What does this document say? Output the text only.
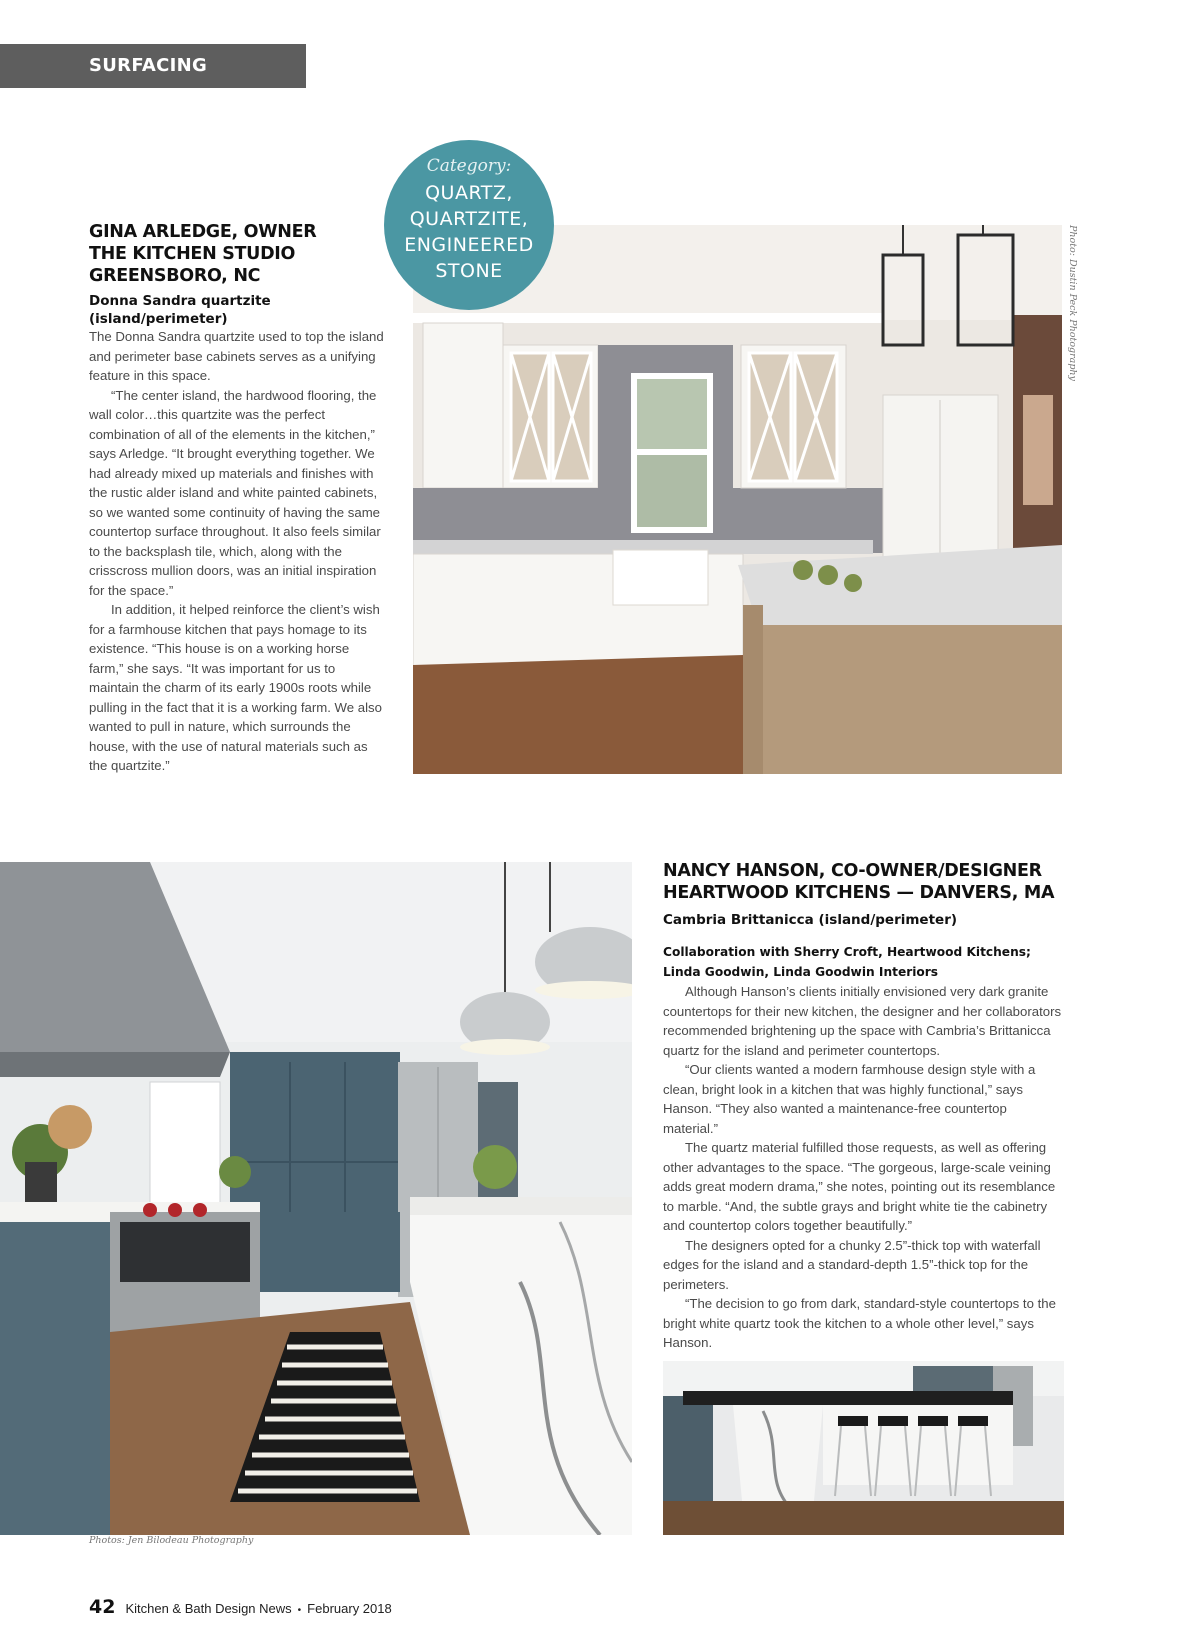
SURFACING PROFILES
Category:
QUARTZ,
QUARTZITE,
ENGINEERED
STONE
GINA ARLEDGE, OWNER
THE KITCHEN STUDIO
GREENSBORO, NC
Donna Sandra quartzite (island/perimeter)

The Donna Sandra quartzite used to top the island and perimeter base cabinets serves as a unifying feature in this space.

“The center island, the hardwood flooring, the wall color…this quartzite was the perfect combination of all of the elements in the kitchen,” says Arledge. “It brought everything together. We had already mixed up materials and finishes with the rustic alder island and white painted cabinets, so we wanted some continuity of having the same countertop surface throughout. It also feels similar to the backsplash tile, which, along with the crisscross mullion doors, was an initial inspiration for the space.”

In addition, it helped reinforce the client’s wish for a farmhouse kitchen that pays homage to its existence. “This house is on a working horse farm,” she says. “It was important for us to maintain the charm of its early 1900s roots while pulling in the fact that it is a working farm. We also wanted to pull in nature, which surrounds the house, with the use of natural materials such as the quartzite.”

Photo: Dustin Peck Photography
Photos: Jen Bilodeau Photography
NANCY HANSON, CO-OWNER/DESIGNER
HEARTWOOD KITCHENS — DANVERS, MA
Cambria Brittanicca (island/perimeter)

Collaboration with Sherry Croft, Heartwood Kitchens; Linda Goodwin, Linda Goodwin Interiors

Although Hanson’s clients initially envisioned very dark granite countertops for their new kitchen, the designer and her collaborators recommended brightening up the space with Cambria’s Brittanicca quartz for the island and perimeter countertops.

“Our clients wanted a modern farmhouse design style with a clean, bright look in a kitchen that was highly functional,” says Hanson. “They also wanted a maintenance-free countertop material.”

The quartz material fulfilled those requests, as well as offering other advantages to the space. “The gorgeous, large-scale veining adds great modern drama,” she notes, pointing out its resemblance to marble. “And, the subtle grays and bright white tie the cabinetry and countertop colors together beautifully.”

The designers opted for a chunky 2.5”-thick top with waterfall edges for the island and a standard-depth 1.5”-thick top for the perimeters.

“The decision to go from dark, standard-style countertops to the bright white quartz took the kitchen to a whole other level,” says Hanson.

42 Kitchen & Bath Design News • February 2018
